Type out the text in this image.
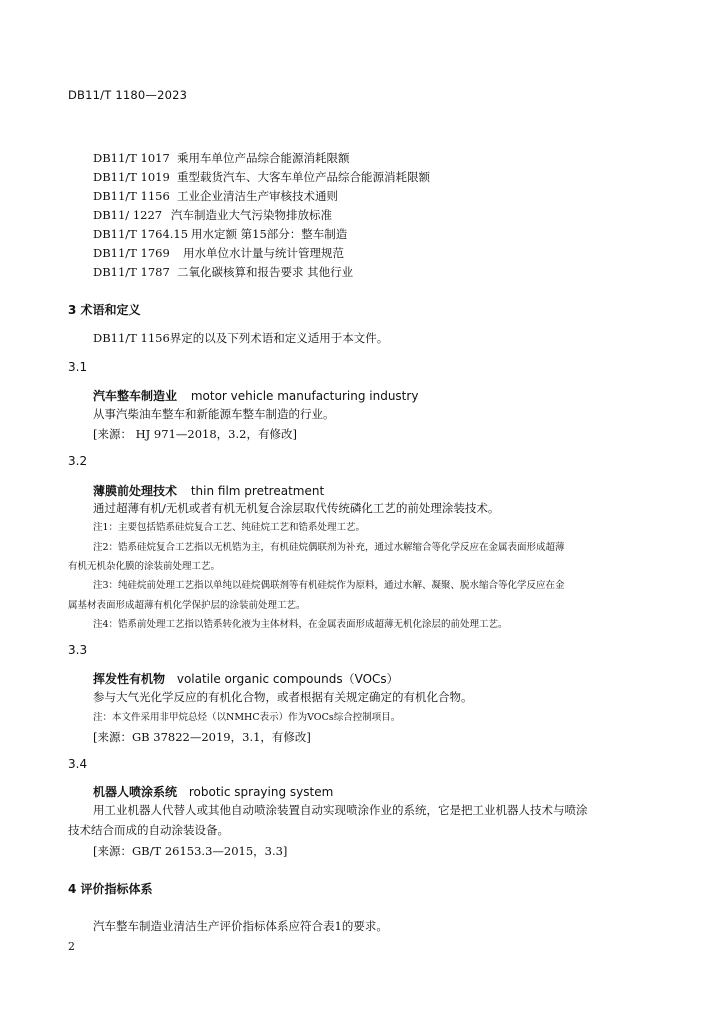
DB11/T 1180—2023
DB11/T 1017 乘用车单位产品综合能源消耗限额
DB11/T 1019 重型载货汽车、大客车单位产品综合能源消耗限额
DB11/T 1156 工业企业清洁生产审核技术通则
DB11/ 1227 汽车制造业大气污染物排放标准
DB11/T 1764.15 用水定额 第15部分：整车制造
DB11/T 1769 用水单位水计量与统计管理规范
DB11/T 1787 二氧化碳核算和报告要求 其他行业
3 术语和定义
DB11/T 1156界定的以及下列术语和定义适用于本文件。
3.1
汽车整车制造业 motor vehicle manufacturing industry
从事汽柴油车整车和新能源车整车制造的行业。
[来源： HJ 971—2018，3.2，有修改]
3.2
薄膜前处理技术 thin film pretreatment
通过超薄有机/无机或者有机无机复合涂层取代传统磷化工艺的前处理涂装技术。
注1：主要包括锆系硅烷复合工艺、纯硅烷工艺和锆系处理工艺。
注2：锆系硅烷复合工艺指以无机锆为主，有机硅烷偶联剂为补充，通过水解缩合等化学反应在金属表面形成超薄
有机无机杂化膜的涂装前处理工艺。
注3：纯硅烷前处理工艺指以单纯以硅烷偶联剂等有机硅烷作为原料，通过水解、凝聚、脱水缩合等化学反应在金
属基材表面形成超薄有机化学保护层的涂装前处理工艺。
注4：锆系前处理工艺指以锆系转化液为主体材料，在金属表面形成超薄无机化涂层的前处理工艺。
3.3
挥发性有机物 volatile organic compounds（VOCs）
参与大气光化学反应的有机化合物，或者根据有关规定确定的有机化合物。
注：本文件采用非甲烷总烃（以NMHC表示）作为VOCs综合控制项目。
[来源：GB 37822—2019，3.1，有修改]
3.4
机器人喷涂系统 robotic spraying system
用工业机器人代替人或其他自动喷涂装置自动实现喷涂作业的系统，它是把工业机器人技术与喷涂
技术结合而成的自动涂装设备。
[来源：GB/T 26153.3—2015，3.3]
4 评价指标体系
汽车整车制造业清洁生产评价指标体系应符合表1的要求。
2
